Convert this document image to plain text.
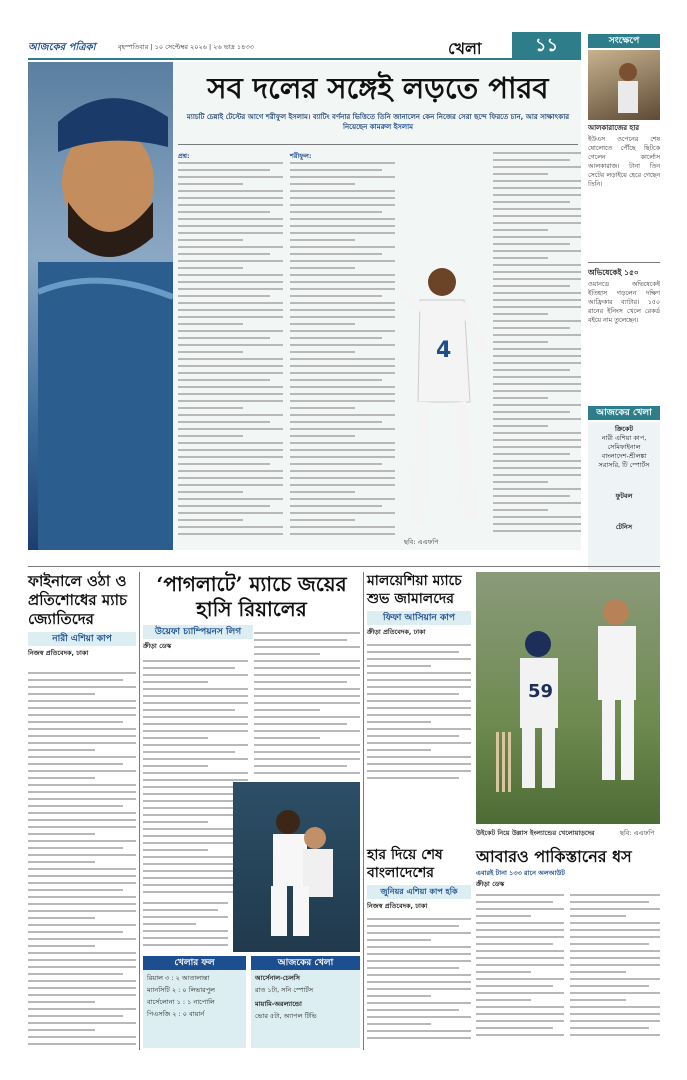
আজকের পত্রিকা	বৃহস্পতিবার | ১০ সেপ্টেম্বর ২০২৬ | ২৬ ভাদ্র ১৪৩৩	খেলা	১১
সব দলের সঙ্গেই লড়তে পারব

ম্যাচটি চেন্নাই টেস্টের আগে শরীফুল ইসলাম। ব্যাটিং বর্ণনার ভিত্তিতে তিনি জানালেন কেন নিজের সেরা ছন্দে ফিরতে চান, আর সাক্ষাৎকার নিয়েছেন কামরুল ইসলাম

প্রশ্ন:	শরীফুল:
4
ছবি: এএফপি
সংক্ষেপে
আলকারাজের হার
ইউএস ওপেনের শেষ ষোলোতে পৌঁছে ছিটকে গেলেন কার্লোস আলকারাজ। টানা তিন সেটের লড়াইয়ে হেরে গেছেন তিনি।
অভিষেকেই ১৫০
ওয়ানডে অভিষেকেই ইতিহাস গড়লেন দক্ষিণ আফ্রিকার ব্যাটার। ১৫০ রানের ইনিংস খেলে রেকর্ড বইয়ে নাম তুলেছেন।
আজকের খেলা
ক্রিকেট
নারী এশিয়া কাপ, সেমিফাইনাল
বাংলাদেশ-শ্রীলঙ্কা
সরাসরি, টি স্পোর্টস
ফুটবল
টেনিস
ফাইনালে ওঠা ও প্রতিশোধের ম্যাচ জ্যোতিদের
নারী এশিয়া কাপ
নিজস্ব প্রতিবেদক, ঢাকা
‘পাগলাটে’ ম্যাচে জয়ের হাসি রিয়ালের
উয়েফা চ্যাম্পিয়নস লিগ
ক্রীড়া ডেস্ক
খেলার ফল
রিয়াল ৩ : ২ আতালান্তা
ম্যানসিটি ২ : ০ লিভারপুল
বার্সেলোনা ১ : ১ নাপোলি
পিএসজি ২ : ০ বায়ার্ন
আজকের খেলা
আর্সেনাল-চেলসি
রাত ১টা, সনি স্পোর্টস
মায়ামি-অরল্যান্ডো
ভোর ৫টা, অ্যাপল টিভি
মালয়েশিয়া ম্যাচে শুভ জামালদের
ফিফা আসিয়ান কাপ
ক্রীড়া প্রতিবেদক, ঢাকা
59
উইকেট নিয়ে উল্লাস ইংল্যান্ডের খেলোয়াড়দের	ছবি: এএফপি
হার দিয়ে শেষ বাংলাদেশের
জুনিয়র এশিয়া কাপ হকি
নিজস্ব প্রতিবেদক, ঢাকা
আবারও পাকিস্তানের ধস
এবারই টানা ১৩৩ রানে অলআউট
ক্রীড়া ডেস্ক
